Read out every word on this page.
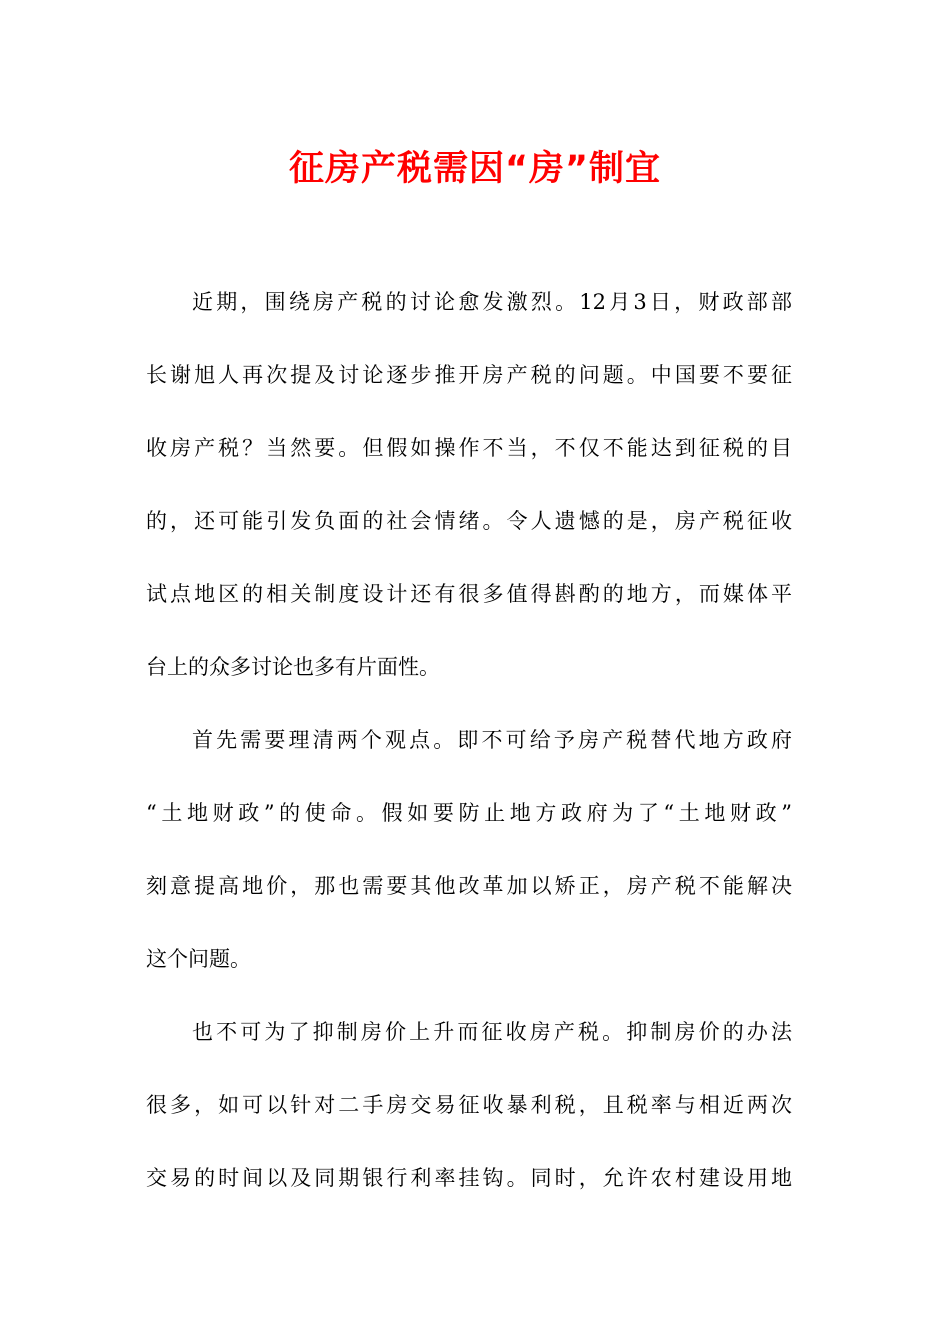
征房产税需因“房”制宜

近期，围绕房产税的讨论愈发激烈。12月3日，财政部部

长谢旭人再次提及讨论逐步推开房产税的问题。中国要不要征

收房产税？当然要。但假如操作不当，不仅不能达到征税的目

的，还可能引发负面的社会情绪。令人遗憾的是，房产税征收

试点地区的相关制度设计还有很多值得斟酌的地方，而媒体平

台上的众多讨论也多有片面性。

首先需要理清两个观点。即不可给予房产税替代地方政府

“土地财政”的使命。假如要防止地方政府为了“土地财政”

刻意提高地价，那也需要其他改革加以矫正，房产税不能解决

这个问题。

也不可为了抑制房价上升而征收房产税。抑制房价的办法

很多，如可以针对二手房交易征收暴利税，且税率与相近两次

交易的时间以及同期银行利率挂钩。同时，允许农村建设用地
